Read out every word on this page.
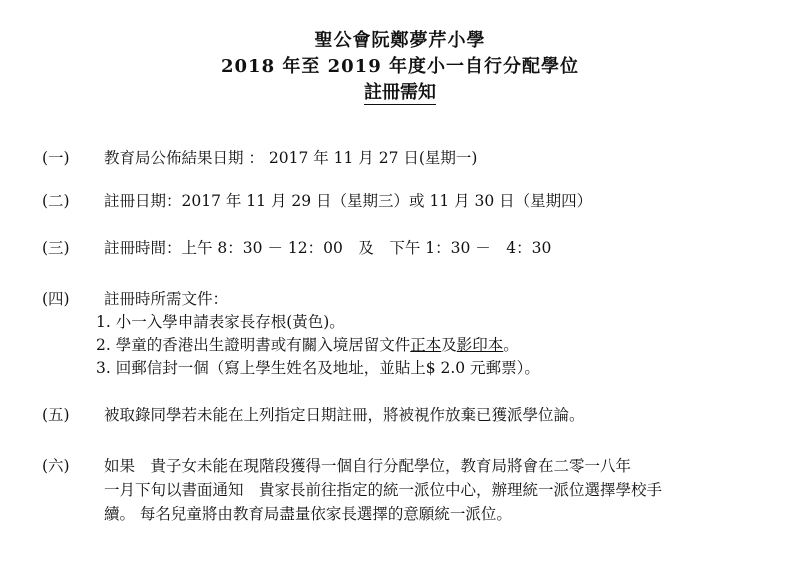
聖公會阮鄭夢芹小學
2018 年至 2019 年度小一自行分配學位
註冊需知
(一) 教育局公佈結果日期 ： 2017 年 11 月 27 日(星期一)
(二) 註冊日期：2017 年 11 月 29 日（星期三）或 11 月 30 日（星期四）
(三) 註冊時間：上午 8：30 － 12：00　及　下午 1：30 －　4：30
(四) 註冊時所需文件：
1. 小一入學申請表家長存根(黃色)。
2. 學童的香港出生證明書或有關入境居留文件正本及影印本。
3. 回郵信封一個（寫上學生姓名及地址，並貼上$ 2.0 元郵票）。
(五) 被取錄同學若未能在上列指定日期註冊，將被視作放棄已獲派學位論。
(六) 如果　貴子女未能在現階段獲得一個自行分配學位，教育局將會在二零一八年
一月下旬以書面通知　貴家長前往指定的統一派位中心，辦理統一派位選擇學校手
續。 每名兒童將由教育局盡量依家長選擇的意願統一派位。
